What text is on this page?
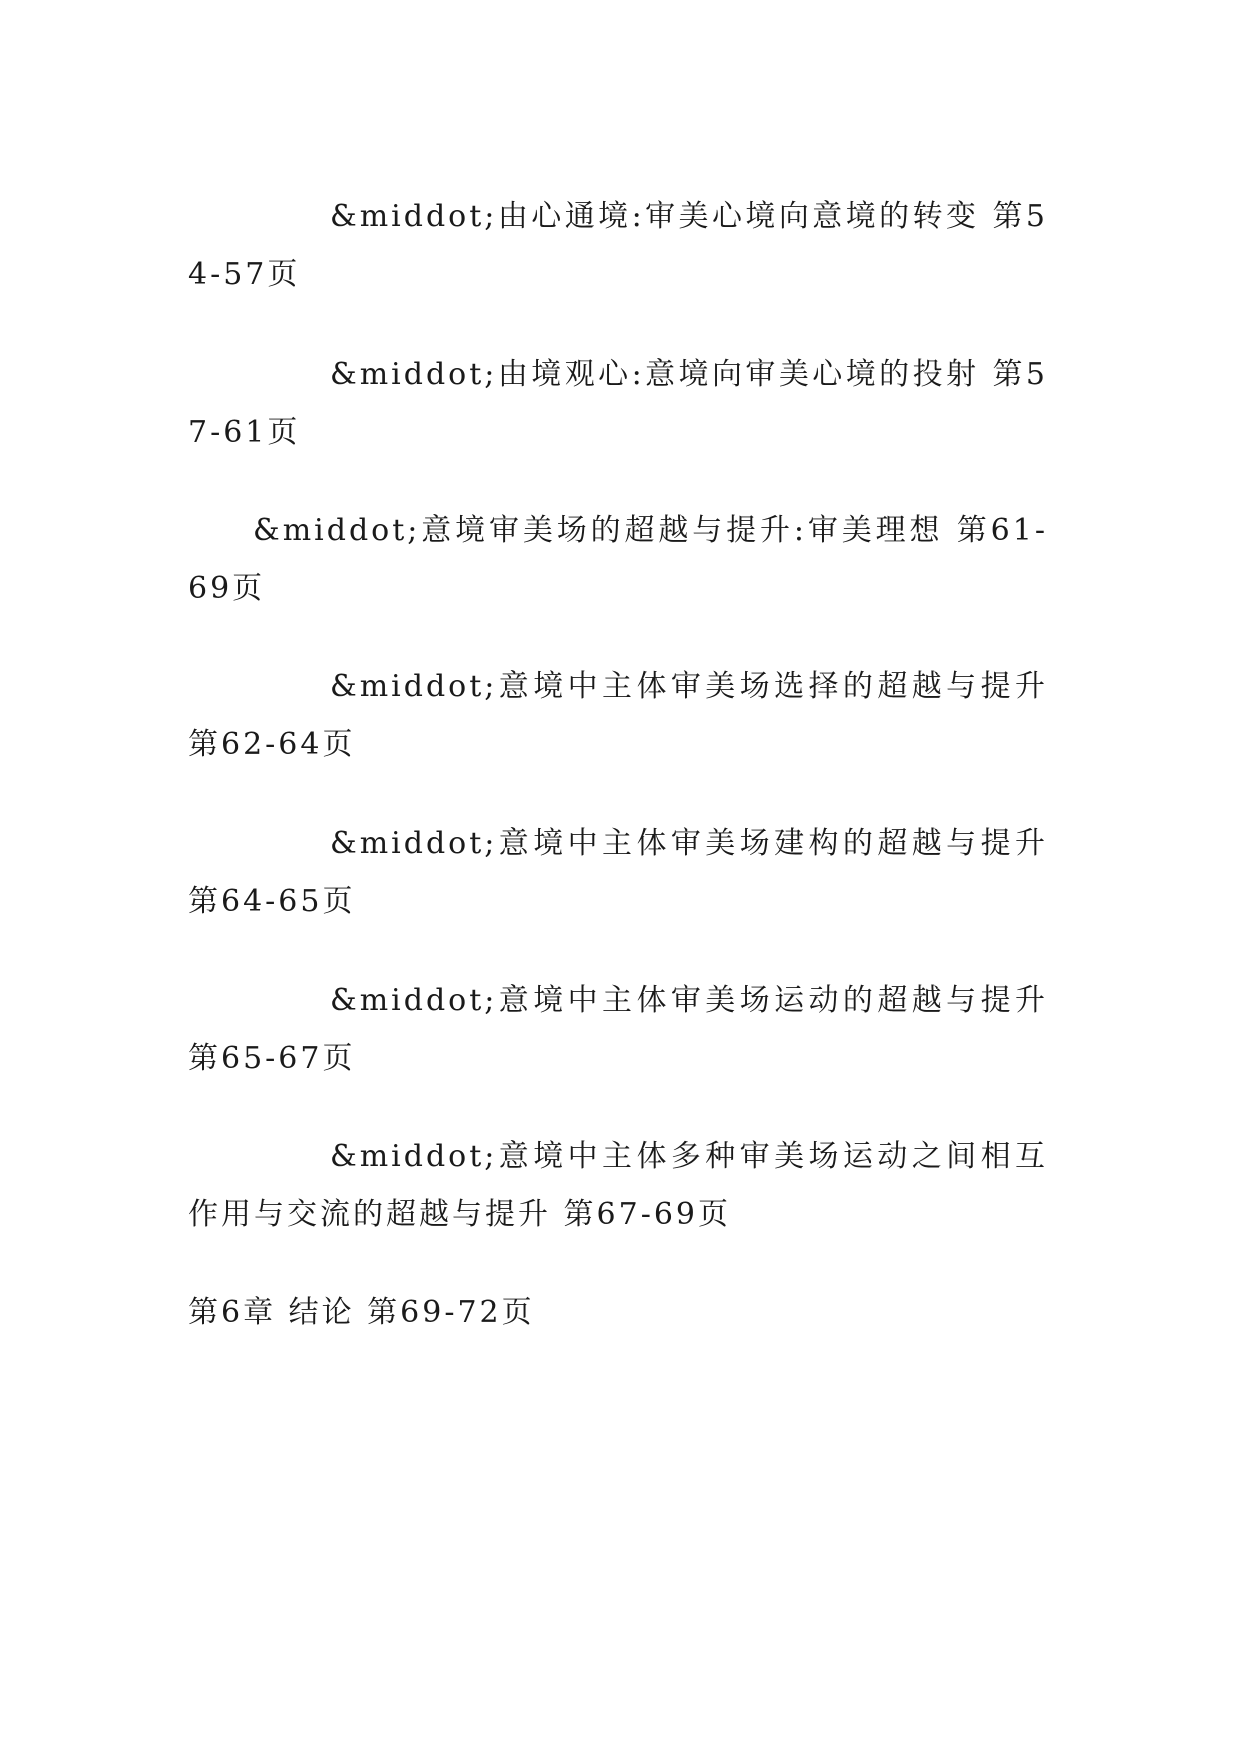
&middot;由心通境:审美心境向意境的转变 第54-57页
&middot;由境观心:意境向审美心境的投射 第57-61页
&middot;意境审美场的超越与提升:审美理想 第61-69页
&middot;意境中主体审美场选择的超越与提升 第62-64页
&middot;意境中主体审美场建构的超越与提升 第64-65页
&middot;意境中主体审美场运动的超越与提升 第65-67页
&middot;意境中主体多种审美场运动之间相互作用与交流的超越与提升 第67-69页
第6章 结论 第69-72页
